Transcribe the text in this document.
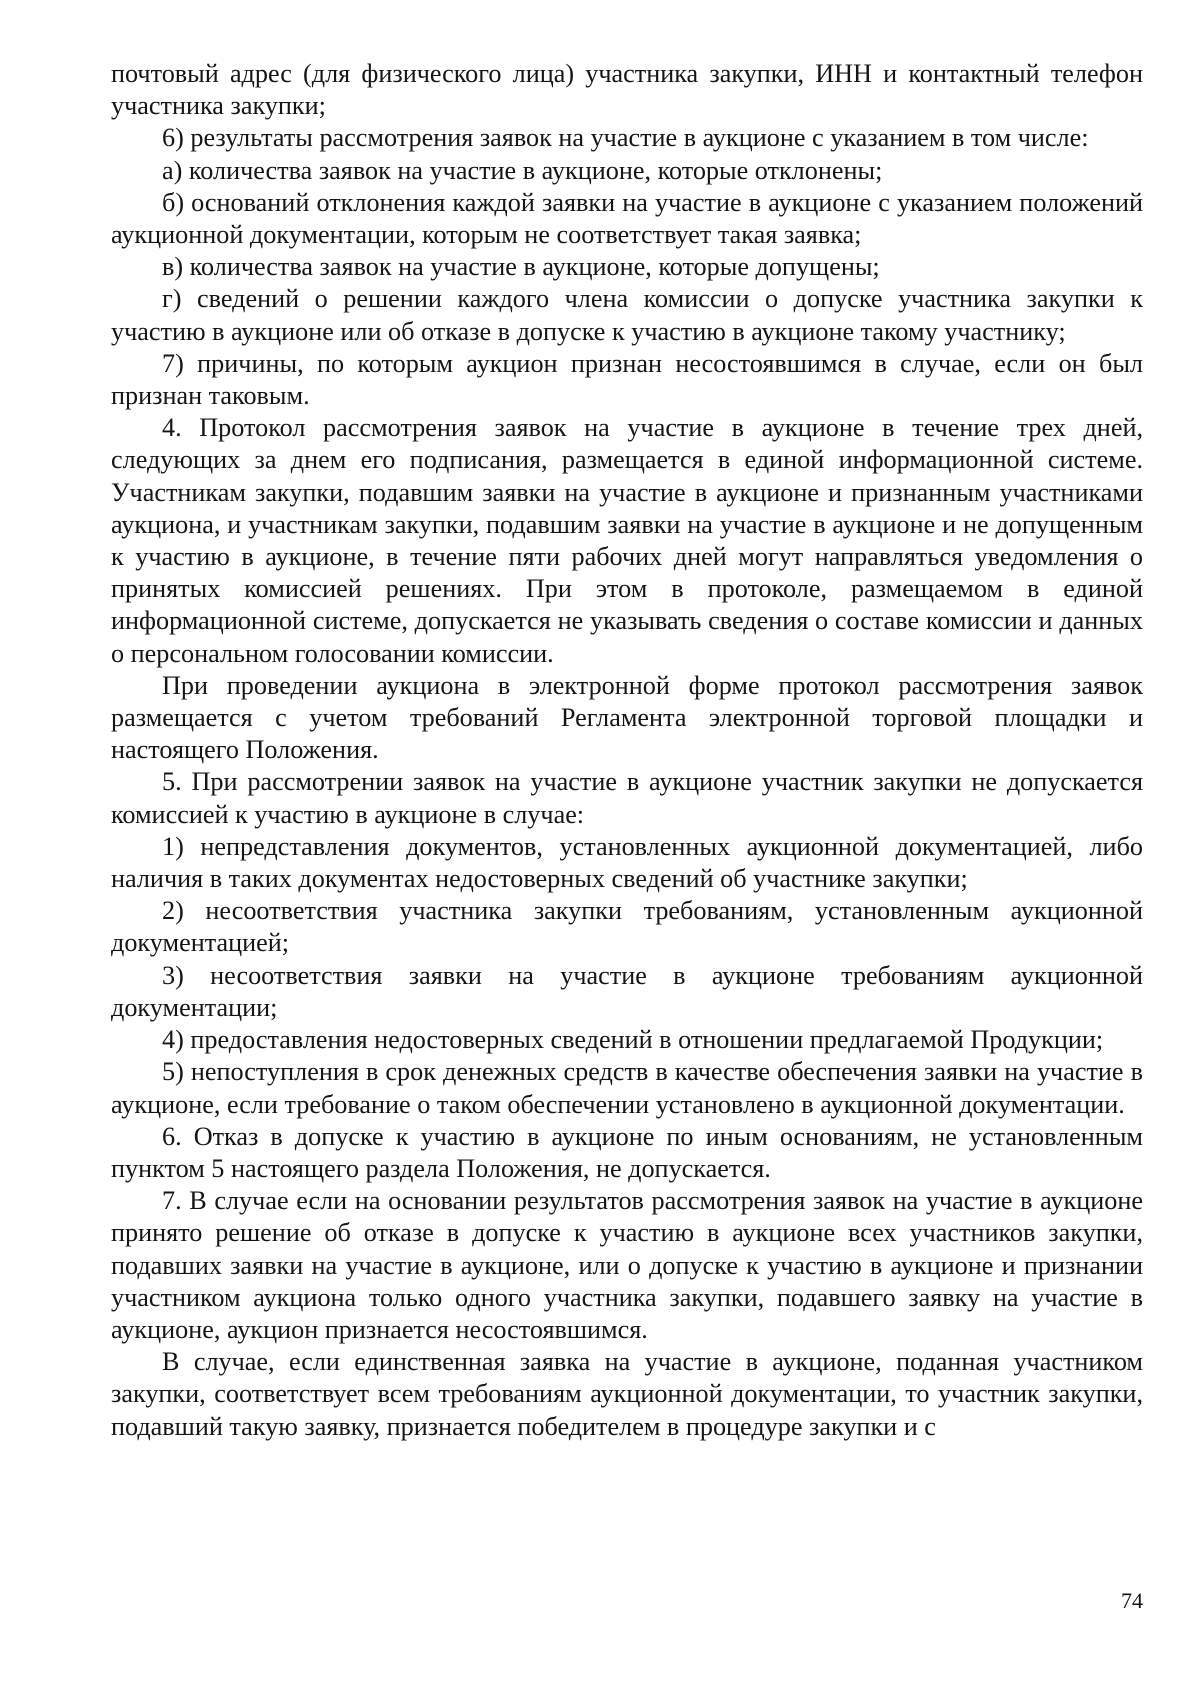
почтовый адрес (для физического лица) участника закупки, ИНН и контактный телефон участника закупки;

6) результаты рассмотрения заявок на участие в аукционе с указанием в том числе:

а) количества заявок на участие в аукционе, которые отклонены;

б) оснований отклонения каждой заявки на участие в аукционе с указанием положений аукционной документации, которым не соответствует такая заявка;

в) количества заявок на участие в аукционе, которые допущены;

г) сведений о решении каждого члена комиссии о допуске участника закупки к участию в аукционе или об отказе в допуске к участию в аукционе такому участнику;

7) причины, по которым аукцион признан несостоявшимся в случае, если он был признан таковым.

4. Протокол рассмотрения заявок на участие в аукционе в течение трех дней, следующих за днем его подписания, размещается в единой информационной системе. Участникам закупки, подавшим заявки на участие в аукционе и признанным участниками аукциона, и участникам закупки, подавшим заявки на участие в аукционе и не допущенным к участию в аукционе, в течение пяти рабочих дней могут направляться уведомления о принятых комиссией решениях. При этом в протоколе, размещаемом в единой информационной системе, допускается не указывать сведения о составе комиссии и данных о персональном голосовании комиссии.

При проведении аукциона в электронной форме протокол рассмотрения заявок размещается с учетом требований Регламента электронной торговой площадки и настоящего Положения.

5. При рассмотрении заявок на участие в аукционе участник закупки не допускается комиссией к участию в аукционе в случае:

1) непредставления документов, установленных аукционной документацией, либо наличия в таких документах недостоверных сведений об участнике закупки;

2) несоответствия участника закупки требованиям, установленным аукционной документацией;

3) несоответствия заявки на участие в аукционе требованиям аукционной документации;

4) предоставления недостоверных сведений в отношении предлагаемой Продукции;

5) непоступления в срок денежных средств в качестве обеспечения заявки на участие в аукционе, если требование о таком обеспечении установлено в аукционной документации.

6. Отказ в допуске к участию в аукционе по иным основаниям, не установленным пунктом 5 настоящего раздела Положения, не допускается.

7. В случае если на основании результатов рассмотрения заявок на участие в аукционе принято решение об отказе в допуске к участию в аукционе всех участников закупки, подавших заявки на участие в аукционе, или о допуске к участию в аукционе и признании участником аукциона только одного участника закупки, подавшего заявку на участие в аукционе, аукцион признается несостоявшимся.

В случае, если единственная заявка на участие в аукционе, поданная участником закупки, соответствует всем требованиям аукционной документации, то участник закупки, подавший такую заявку, признается победителем в процедуре закупки и с

74
